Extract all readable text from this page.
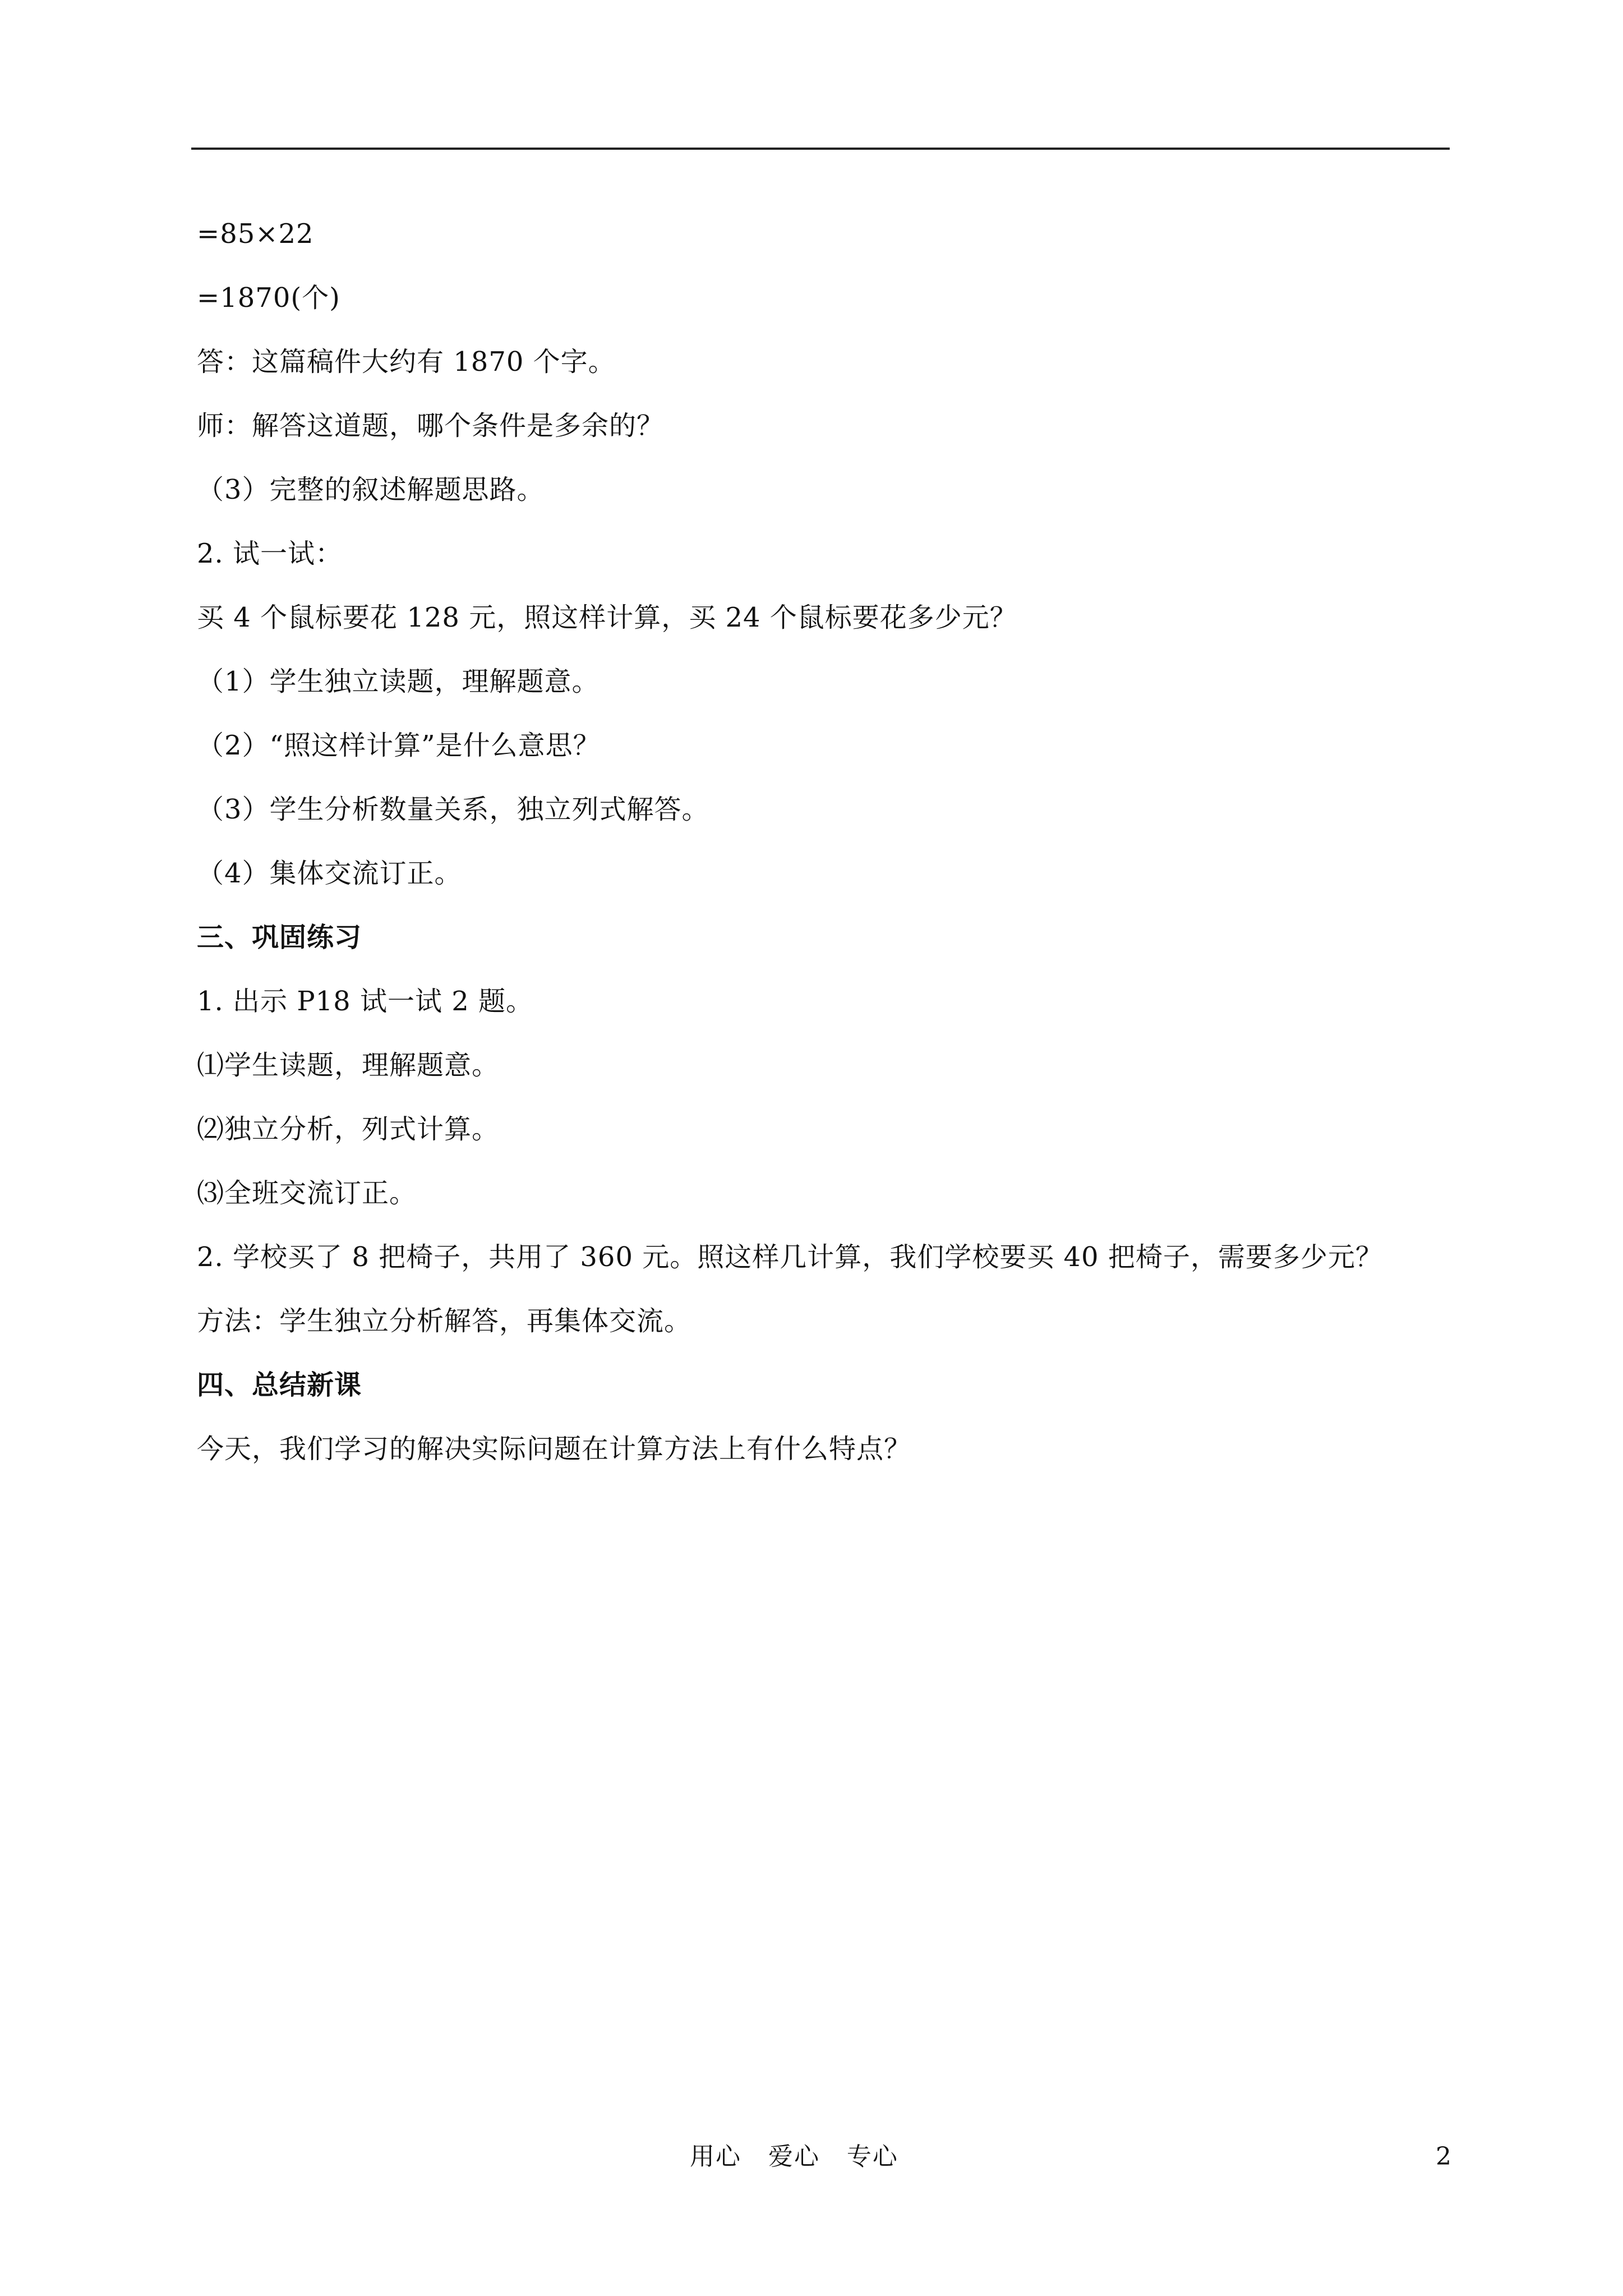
=85×22
=1870(个)
答：这篇稿件大约有 1870 个字。
师：解答这道题，哪个条件是多余的？
（3）完整的叙述解题思路。
2. 试一试：
买 4 个鼠标要花 128 元，照这样计算，买 24 个鼠标要花多少元？
（1）学生独立读题，理解题意。
（2）“照这样计算”是什么意思？
（3）学生分析数量关系，独立列式解答。
（4）集体交流订正。
三、巩固练习
1. 出示 P18 试一试 2 题。
⑴学生读题，理解题意。
⑵独立分析，列式计算。
⑶全班交流订正。
2. 学校买了 8 把椅子，共用了 360 元。照这样几计算，我们学校要买 40 把椅子，需要多少元？
方法：学生独立分析解答，再集体交流。
四、总结新课
今天，我们学习的解决实际问题在计算方法上有什么特点？
用心   爱心   专心	2
